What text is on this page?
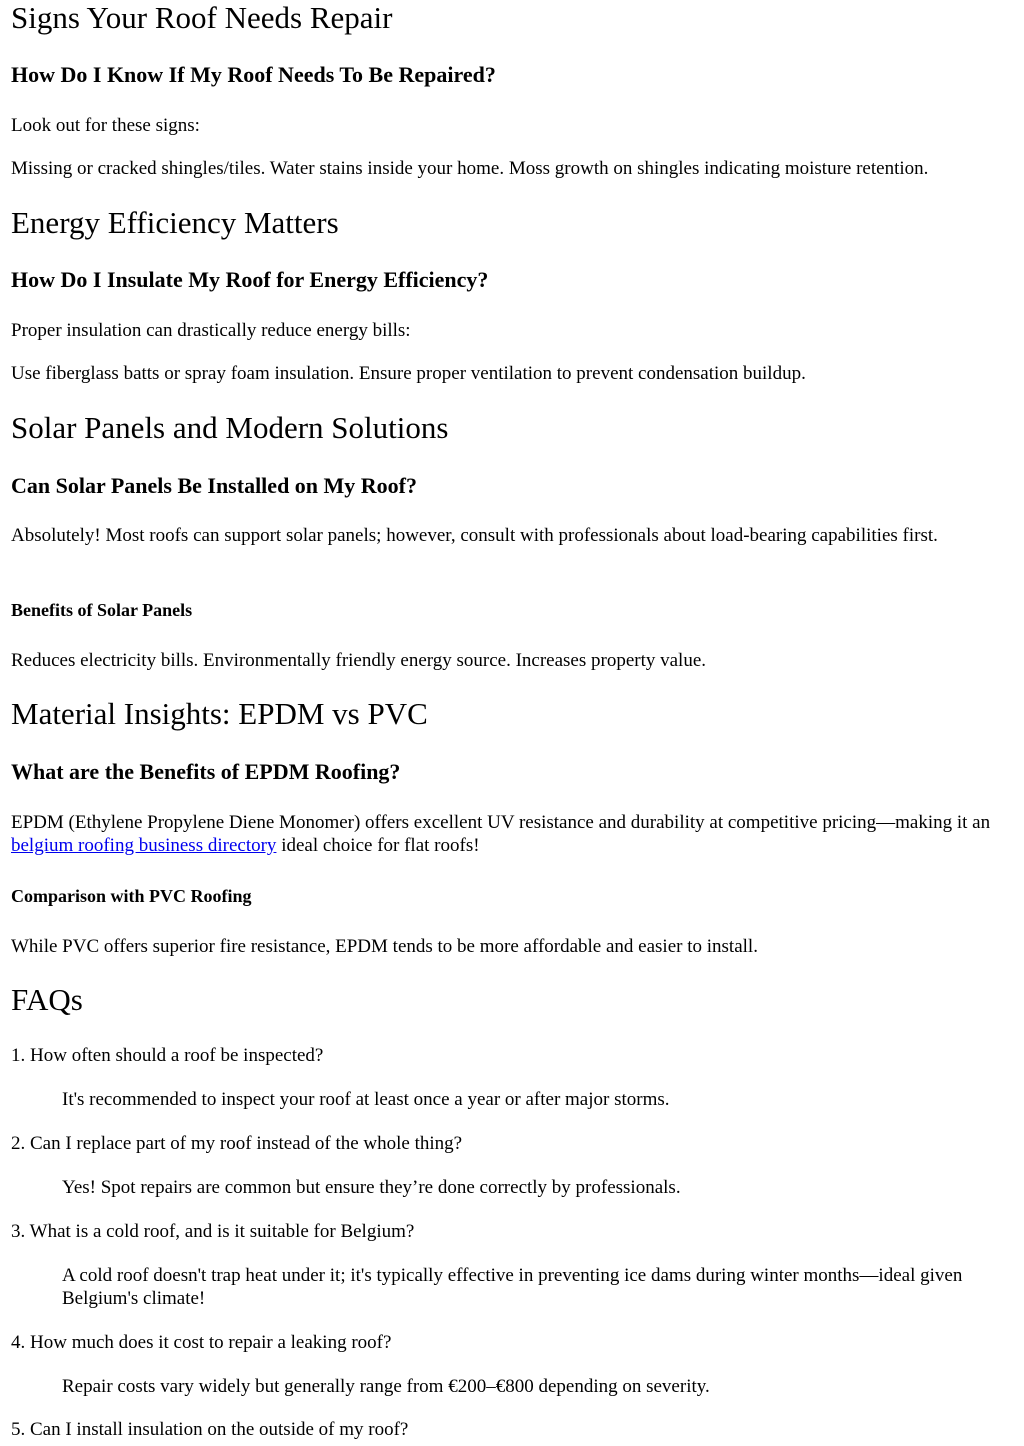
Signs Your Roof Needs Repair
How Do I Know If My Roof Needs To Be Repaired?

Look out for these signs:

Missing or cracked shingles/tiles. Water stains inside your home. Moss growth on shingles indicating moisture retention.

Energy Efficiency Matters
How Do I Insulate My Roof for Energy Efficiency?

Proper insulation can drastically reduce energy bills:

Use fiberglass batts or spray foam insulation. Ensure proper ventilation to prevent condensation buildup.

Solar Panels and Modern Solutions
Can Solar Panels Be Installed on My Roof?

Absolutely! Most roofs can support solar panels; however, consult with professionals about load-bearing capabilities first.

Benefits of Solar Panels

Reduces electricity bills. Environmentally friendly energy source. Increases property value.

Material Insights: EPDM vs PVC
What are the Benefits of EPDM Roofing?

EPDM (Ethylene Propylene Diene Monomer) offers excellent UV resistance and durability at competitive pricing—making it an belgium roofing business directory ideal choice for flat roofs!

Comparison with PVC Roofing

While PVC offers superior fire resistance, EPDM tends to be more affordable and easier to install.

FAQs

1. How often should a roof be inspected?

It's recommended to inspect your roof at least once a year or after major storms.

2. Can I replace part of my roof instead of the whole thing?

Yes! Spot repairs are common but ensure they’re done correctly by professionals.

3. What is a cold roof, and is it suitable for Belgium?

A cold roof doesn't trap heat under it; it's typically effective in preventing ice dams during winter months—ideal given Belgium's climate!

4. How much does it cost to repair a leaking roof?

Repair costs vary widely but generally range from €200–€800 depending on severity.

5. Can I install insulation on the outside of my roof?
